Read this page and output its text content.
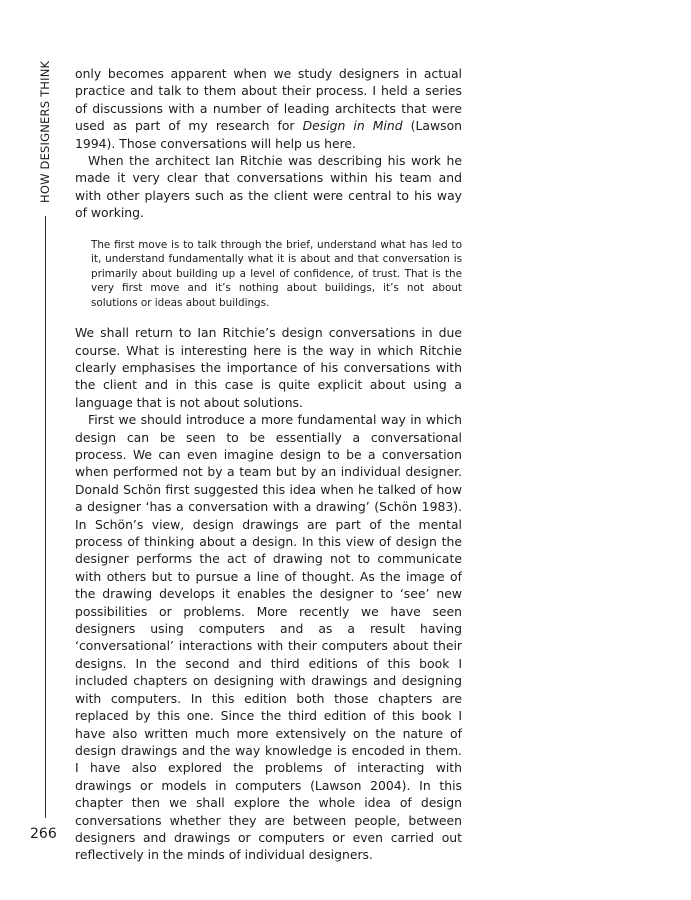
HOW DESIGNERS THINK
266

only becomes apparent when we study designers in actual practice and talk to them about their process. I held a series of discussions with a number of leading architects that were used as part of my research for Design in Mind (Lawson 1994). Those conversations will help us here.

When the architect Ian Ritchie was describing his work he made it very clear that conversations within his team and with other players such as the client were central to his way of working.

The first move is to talk through the brief, understand what has led to it, understand fundamentally what it is about and that conversation is primarily about building up a level of confidence, of trust. That is the very first move and it’s nothing about buildings, it’s not about solutions or ideas about buildings.

We shall return to Ian Ritchie’s design conversations in due course. What is interesting here is the way in which Ritchie clearly emphasises the importance of his conversations with the client and in this case is quite explicit about using a language that is not about solutions.

First we should introduce a more fundamental way in which design can be seen to be essentially a conversational process. We can even imagine design to be a conversation when performed not by a team but by an individual designer. Donald Schön first suggested this idea when he talked of how a designer ‘has a conversation with a drawing’ (Schön 1983). In Schön’s view, design drawings are part of the mental process of thinking about a design. In this view of design the designer performs the act of drawing not to communicate with others but to pursue a line of thought. As the image of the drawing develops it enables the designer to ‘see’ new possibilities or problems. More recently we have seen designers using computers and as a result having ‘conversational’ interactions with their computers about their designs. In the second and third editions of this book I included chapters on designing with drawings and designing with computers. In this edition both those chapters are replaced by this one. Since the third edition of this book I have also written much more extensively on the nature of design drawings and the way knowledge is encoded in them. I have also explored the problems of interacting with drawings or models in computers (Lawson 2004). In this chapter then we shall explore the whole idea of design conversations whether they are between people, between designers and drawings or computers or even carried out reflectively in the minds of individual designers.
